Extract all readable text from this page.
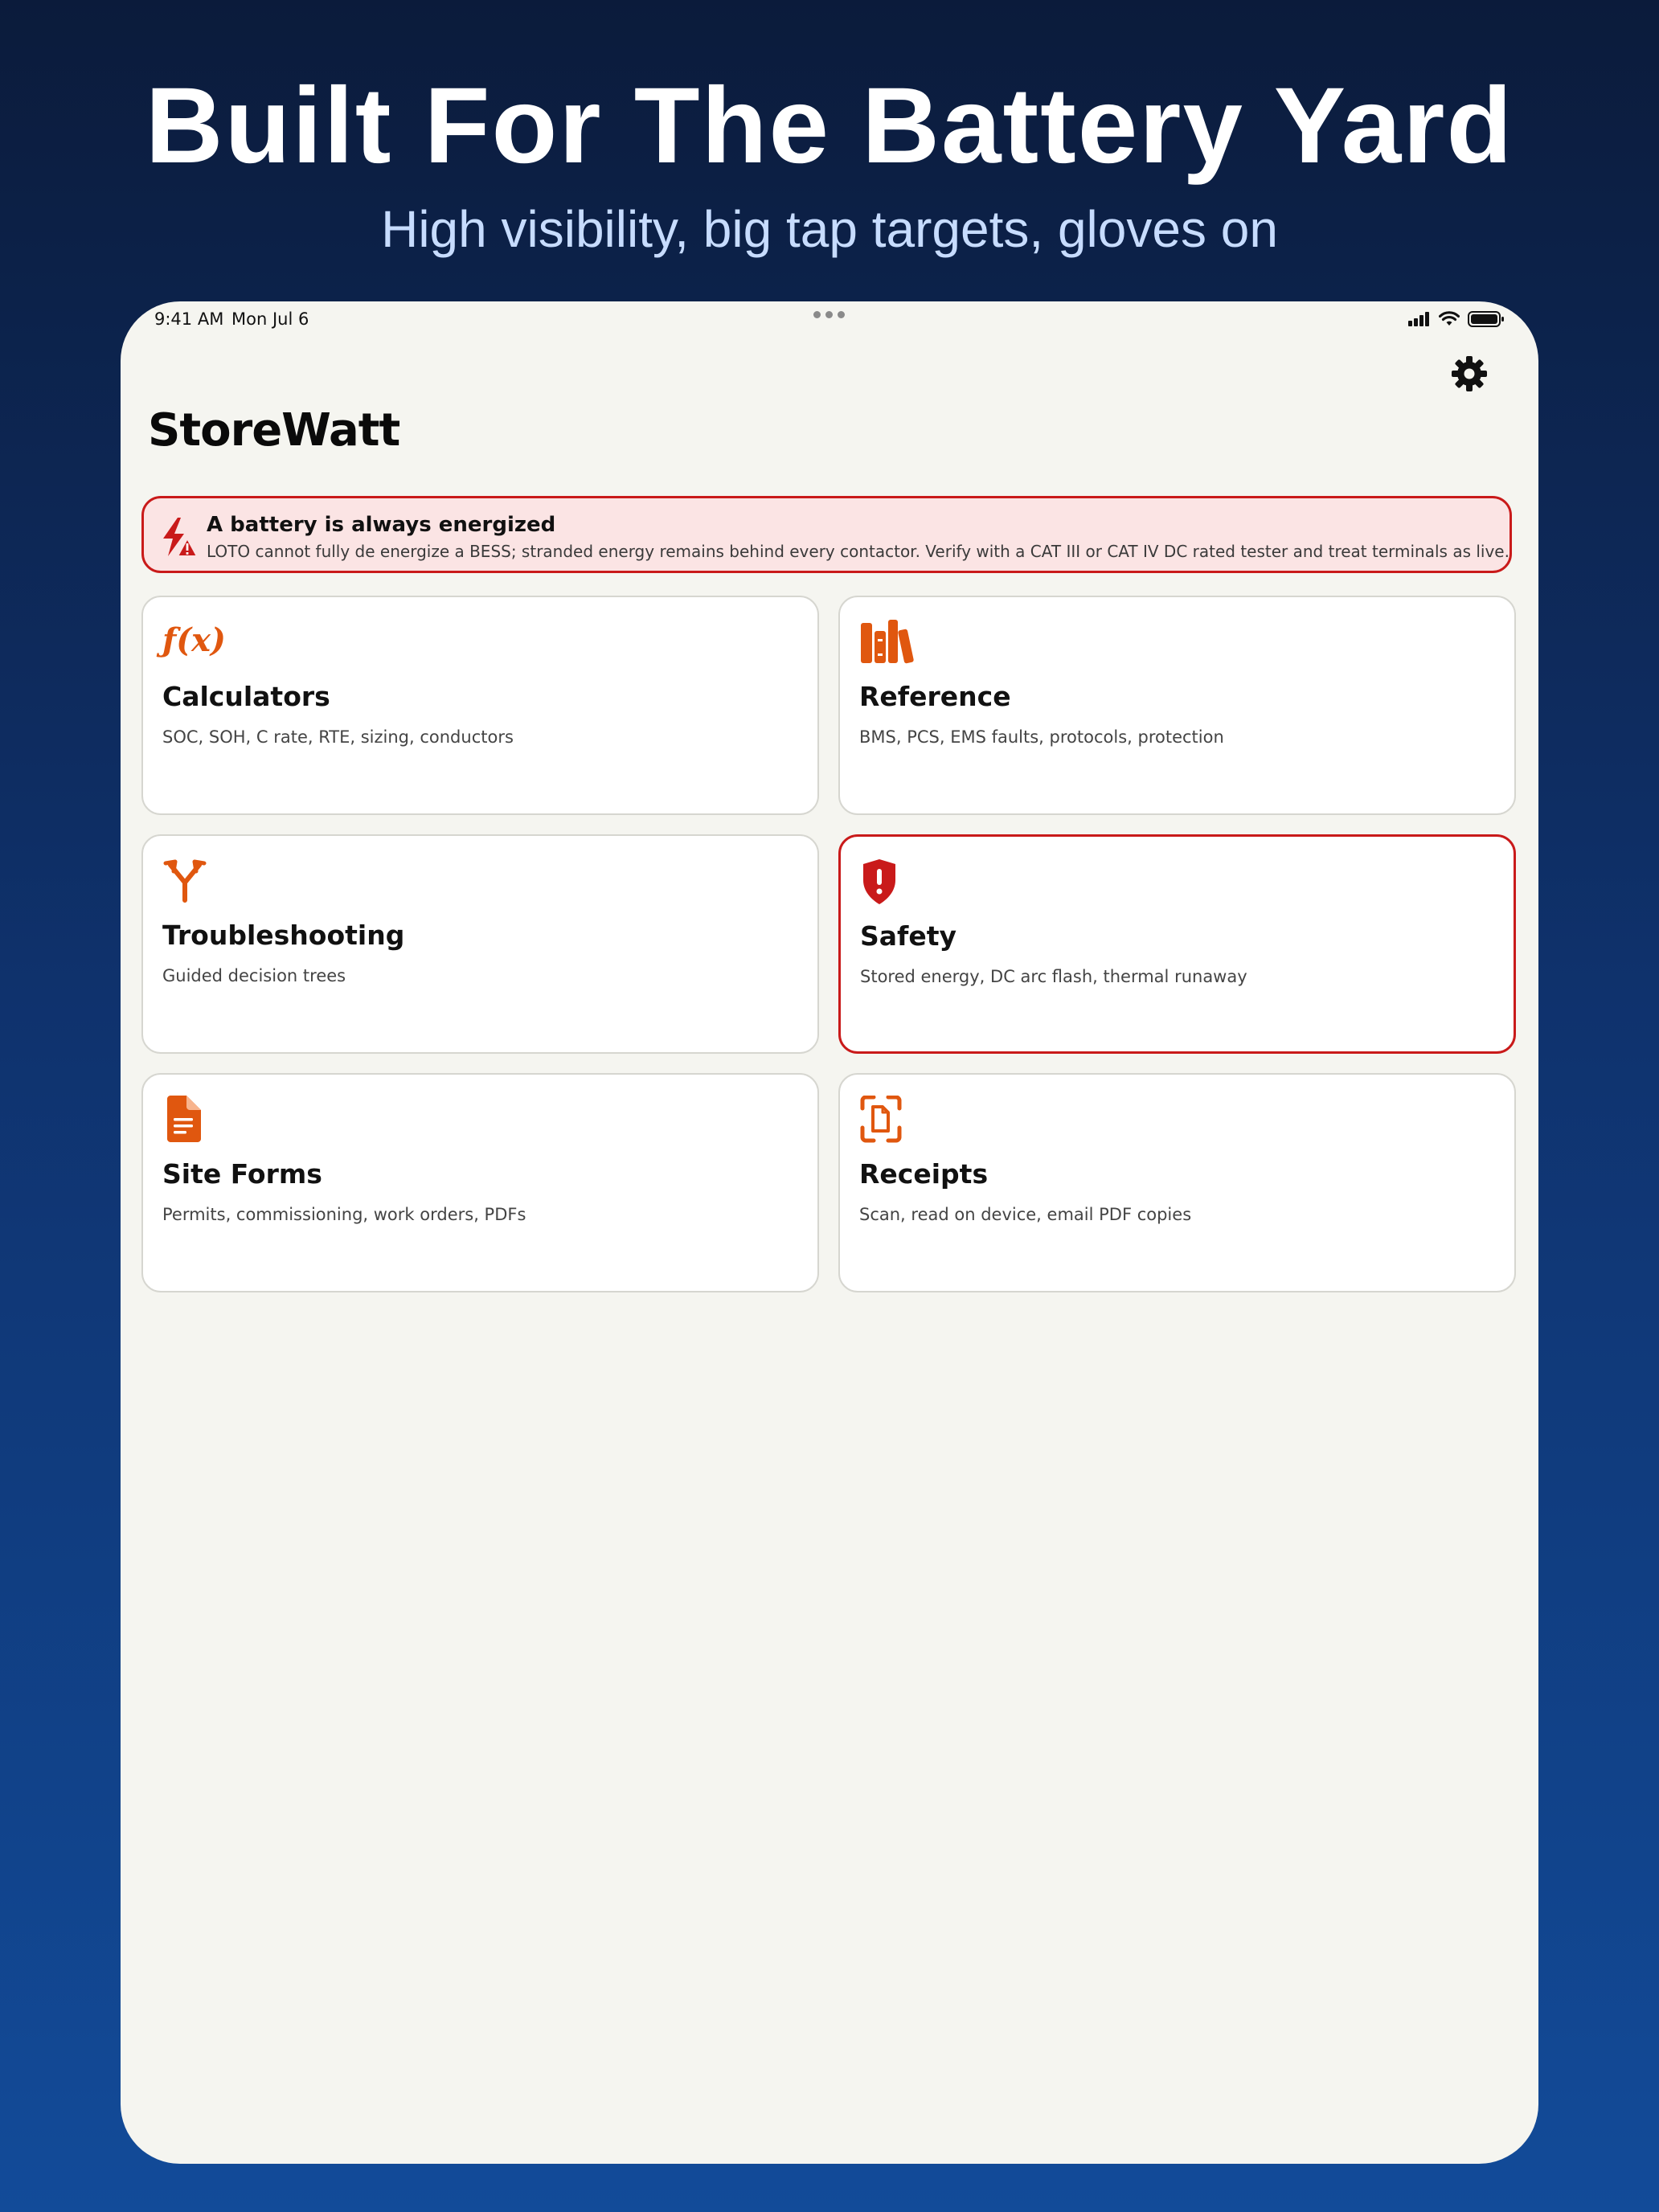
Built For The Battery Yard
High visibility, big tap targets, gloves on
9:41 AM Mon Jul 6
StoreWatt
A battery is always energized
LOTO cannot fully de energize a BESS; stranded energy remains behind every contactor. Verify with a CAT III or CAT IV DC rated tester and treat terminals as live.
ƒ(x)
Calculators
SOC, SOH, C rate, RTE, sizing, conductors
Reference
BMS, PCS, EMS faults, protocols, protection
Troubleshooting
Guided decision trees
Safety
Stored energy, DC arc flash, thermal runaway
Site Forms
Permits, commissioning, work orders, PDFs
Receipts
Scan, read on device, email PDF copies
